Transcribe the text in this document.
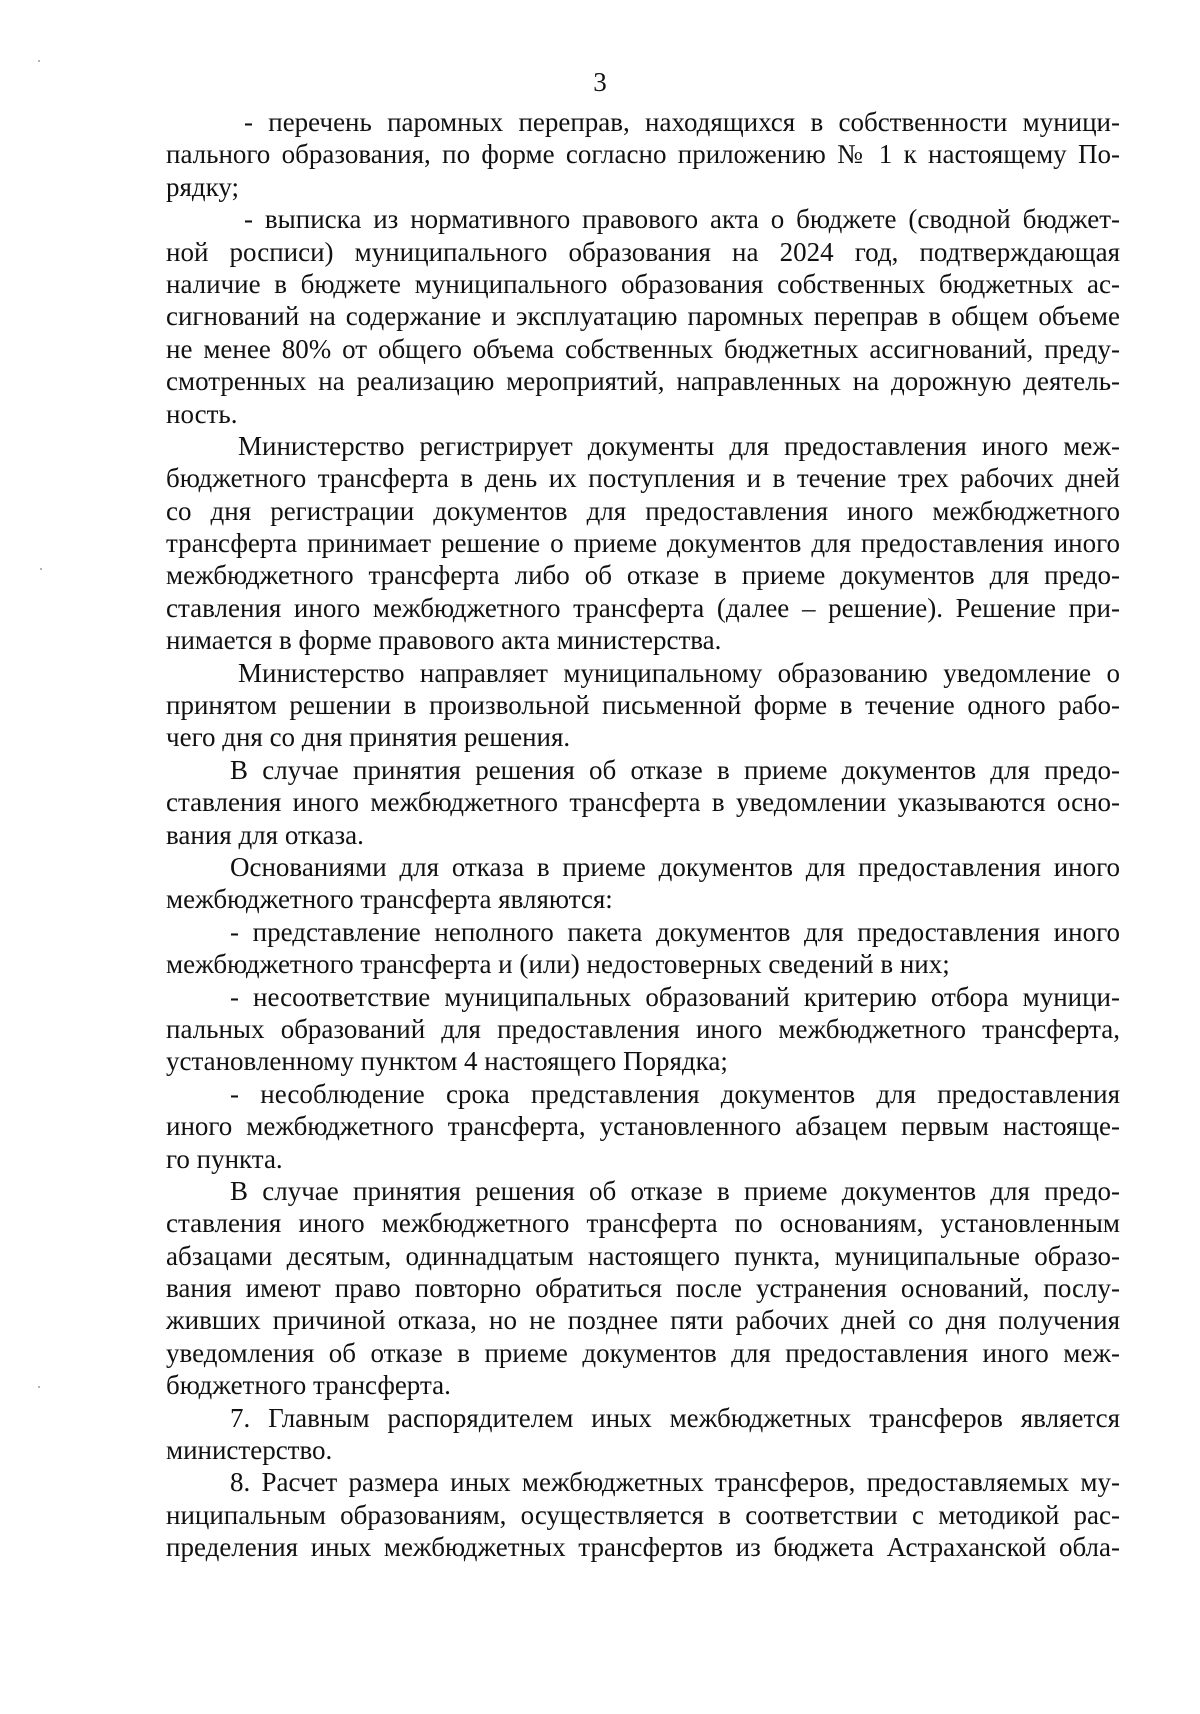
3
- перечень паромных переправ, находящихся в собственности муници-
пального образования, по форме согласно приложению № 1 к настоящему По-
рядку;
- выписка из нормативного правового акта о бюджете (сводной бюджет-
ной росписи) муниципального образования на 2024 год, подтверждающая
наличие в бюджете муниципального образования собственных бюджетных ас-
сигнований на содержание и эксплуатацию паромных переправ в общем объеме
не менее 80% от общего объема собственных бюджетных ассигнований, преду-
смотренных на реализацию мероприятий, направленных на дорожную деятель-
ность.
Министерство регистрирует документы для предоставления иного меж-
бюджетного трансферта в день их поступления и в течение трех рабочих дней
со дня регистрации документов для предоставления иного межбюджетного
трансферта принимает решение о приеме документов для предоставления иного
межбюджетного трансферта либо об отказе в приеме документов для предо-
ставления иного межбюджетного трансферта (далее – решение). Решение при-
нимается в форме правового акта министерства.
Министерство направляет муниципальному образованию уведомление о
принятом решении в произвольной письменной форме в течение одного рабо-
чего дня со дня принятия решения.
В случае принятия решения об отказе в приеме документов для предо-
ставления иного межбюджетного трансферта в уведомлении указываются осно-
вания для отказа.
Основаниями для отказа в приеме документов для предоставления иного
межбюджетного трансферта являются:
- представление неполного пакета документов для предоставления иного
межбюджетного трансферта и (или) недостоверных сведений в них;
- несоответствие муниципальных образований критерию отбора муници-
пальных образований для предоставления иного межбюджетного трансферта,
установленному пунктом 4 настоящего Порядка;
- несоблюдение срока представления документов для предоставления
иного межбюджетного трансферта, установленного абзацем первым настояще-
го пункта.
В случае принятия решения об отказе в приеме документов для предо-
ставления иного межбюджетного трансферта по основаниям, установленным
абзацами десятым, одиннадцатым настоящего пункта, муниципальные образо-
вания имеют право повторно обратиться после устранения оснований, послу-
живших причиной отказа, но не позднее пяти рабочих дней со дня получения
уведомления об отказе в приеме документов для предоставления иного меж-
бюджетного трансферта.
7. Главным распорядителем иных межбюджетных трансферов является
министерство.
8. Расчет размера иных межбюджетных трансферов, предоставляемых му-
ниципальным образованиям, осуществляется в соответствии с методикой рас-
пределения иных межбюджетных трансфертов из бюджета Астраханской обла-
